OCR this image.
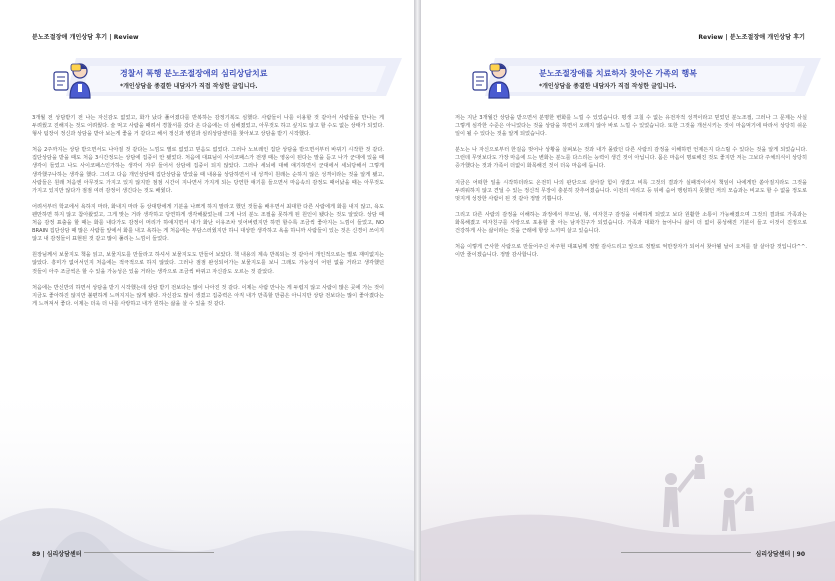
분노조절장애 개인상담 후기 | Review
경찰서 폭행 분노조절장애의 심리상담치료
*개인상담을 종결한 내담자가 직접 작성한 글입니다.

3개월 전 상담받기 전 나는 자신감도 없었고, 화가 났다 풀어졌다를 반복하는 감정기복도 심했다. 사람들이 나를 이용할 것 같아서 사람들을 만나는 게 두려웠고 진해지는 것도 어려웠다. 술 먹고 사람을 때려서 경찰서를 갔다 온 다음에는 더 심해졌었고, 아무것도 하고 싶지도 않고 할 수도 없는 상태가 되었다. 형사 팀장이 정신과 상담을 받아 보는게 좋을 거 같다고 해서 정신과 병원과 심리상담센터를 찾아보고 상담을 받기 시작했다.

처음 2주까지는 상담 받으면서도 나아질 것 같다는 느낌도 별로 없었고 믿음도 없었다. 그러나 노브레인 집단 상담을 받으면서부터 바뀌기 시작한 것 같다. 집단상담을 받을 때도 처음 3시간정도는 상담에 집중이 안 됐었다. 처음에 대표님이 사이코패스가 전쟁 때는 영웅이 된다는 말을 듣고 나가 군대에 있을 때 생각이 들었고 나도 사이코패스인가하는 생각이 자꾸 들어서 상담에 집중이 되지 않았다. 그러나 세뇌에 대해 얘기하면서 군대에서 세뇌당해서 그렇게 생각했구나하는 생각을 했다. 그리고 다음 개인상담때 집단상담을 받았을 때 내용을 상담하면서 내 성격이 원래는 순하지 않은 성격이라는 것을 알게 됐고, 사람들은 원래 처음엔 아무것도 가지고 있지 않지만 점점 시간이 지나면서 가지게 되는 당연한 얘기를 들으면서 마음속의 감정도 때어났을 때는 아무것도 가지고 있지만 않다가 점점 여러 감정이 생긴다는 것도 배웠다.

어려서부터 학교에서 욕하지 마라, 화내지 마라 등 상대방에게 기분을 나쁘게 하지 말라고 했던 것들을 배우면서 최대한 다른 사람에게 화를 내지 않고, 욕도 웬만하면 하지 않고 참아왔었고, 그게 맞는 거라 생각하고 당연하게 생각해왔었는데 그게 나의 분노 조절을 못하게 된 원인이 됐다는 것도 알았다. 상담 때 처음 감정 표출을 할 때는 화를 내다가도 감정이 머리가 하얘지면서 내가 화난 이유조차 잊어버렸지만 하면 할수록 조금씩 좋아지는 느낌이 들었고, NO BRAIN 집단상담 때 많은 사람들 앞에서 화를 내고 욕하는 게 처음에는 부담스러웠지만 하니 대상만 생각하고 욕을 하니까 사람들이 있는 것은 신경이 쓰이지 않고 내 감정들이 표현된 것 같고 많이 풀리는 느낌이 들었다.

원장님께서 보물지도 책을 읽고, 보물지도를 만들라고 하셔서 보물지도도 만들어 보았다. 책 내용의 계속 반복되는 것 같아서 개인적으로는 별로 재미없지는 않았다. 흥미가 없어서인지 처음에는 적극적으로 하지 않았다. 그러나 점점 완성되어가는 보물지도를 보니 그래도 가능성이 어떤 없을 거라고 생각했던 것들이 아주 조금씩은 할 수 있을 가능성은 있을 거라는 생각으로 조금씩 바뀌고 자신감도 오르는 것 같았다.

처음에는 반신반의 하면서 상담을 받기 시작했는데 상담 받기 전보다는 많이 나아진 것 같다. 이제는 사람 만나는 게 두렵지 않고 사람이 많은 곳에 가는 것이 지금도 좋아하진 않지만 불편하게 느껴지지는 않게 됐다. 자신감도 많이 생겼고 집중력은 아직 내가 만족할 만큼은 아니지만 상담 전보다는 많이 좋아졌다는 게 느껴져서 좋다. 이제는 더욱 더 나를 사랑하고 내가 원하는 삶을 살 수 있을 것 같다.

89 | 심리상담센터
Review | 분노조절장애 개인상담 후기
분노조절장애를 치료하자 찾아온 가족의 행복
*개인상담을 종결한 내담자가 직접 작성한 글입니다.

저는 지난 3개월간 상담을 받으면서 분명한 변화를 느낄 수 있었습니다. 평생 고칠 수 없는 유전자적 성격이라고 믿었던 분노조절, 그러나 그 문제는 사실 그렇게 심각한 수준은 아니었다는 것을 상담을 하면서 오래지 않아 바로 느낄 수 있었습니다. 또한 그것을 개선시키는 것이 마음먹기에 따라서 상당히 쉬운 일이 될 수 있다는 것을 알게 되었습니다.

분노는 나 자신으로부터 한걸음 벗어나 상황을 살펴보는 것과 내가 몰랐던 다른 사람의 감정을 이해하면 언제든지 다스릴 수 있다는 것을 알게 되었습니다. 그런데 무엇보다도 가장 마음에 드는 변화는 분노를 다스리는 능력이 생긴 것이 아닙니다. 몸은 마음이 명료해진 것도 좋지만 저는 그보다 주체의식이 상당히 증가했다는 것과 가족이 더없이 화목해진 것이 더욱 마음에 듭니다.

지금은 어떠한 일을 시작하더라도 온전히 나의 판단으로 살아갈 힘이 생겼고 비록 그것의 결과가 실패적이어서 책임이 나에게만 쏟아질지라도 그것을 두려워하지 않고 견딜 수 있는 정신적 무장이 충분히 갖추어졌습니다. 이전의 여리고 등 뒤에 숨어 맹렁하지 못했던 저의 모습과는 비교도 할 수 없을 정도로 멋지게 성장한 사람이 된 것 같아 정말 기쁩니다.

그리고 다른 사람의 감정을 이해하는 과정에서 부모님, 형, 여자친구 감정을 이해하게 되었고 보다 원활한 소통이 가능해졌으며 그것의 결과로 가족과는 화목해졌고 여자친구를 사랑으로 포용할 줄 아는 남자친구가 되었습니다. 가족과 대화가 늘어나니 삶이 더 없이 풍성해진 기분이 들고 이것이 진정으로 건강하게 사는 삶이라는 것을 근래에 항상 느끼며 살고 있습니다.

처음 이렇게 근사한 사람으로 만들어주신 차주현 대표님께 정말 감사드리고 앞으로 정말로 억만장자가 되어서 찾아뵐 날이 오저를 잘 살아갈 것입니다^^. 이만 줄이겠습니다. 정말 감사합니다.

심리상담센터 | 90
